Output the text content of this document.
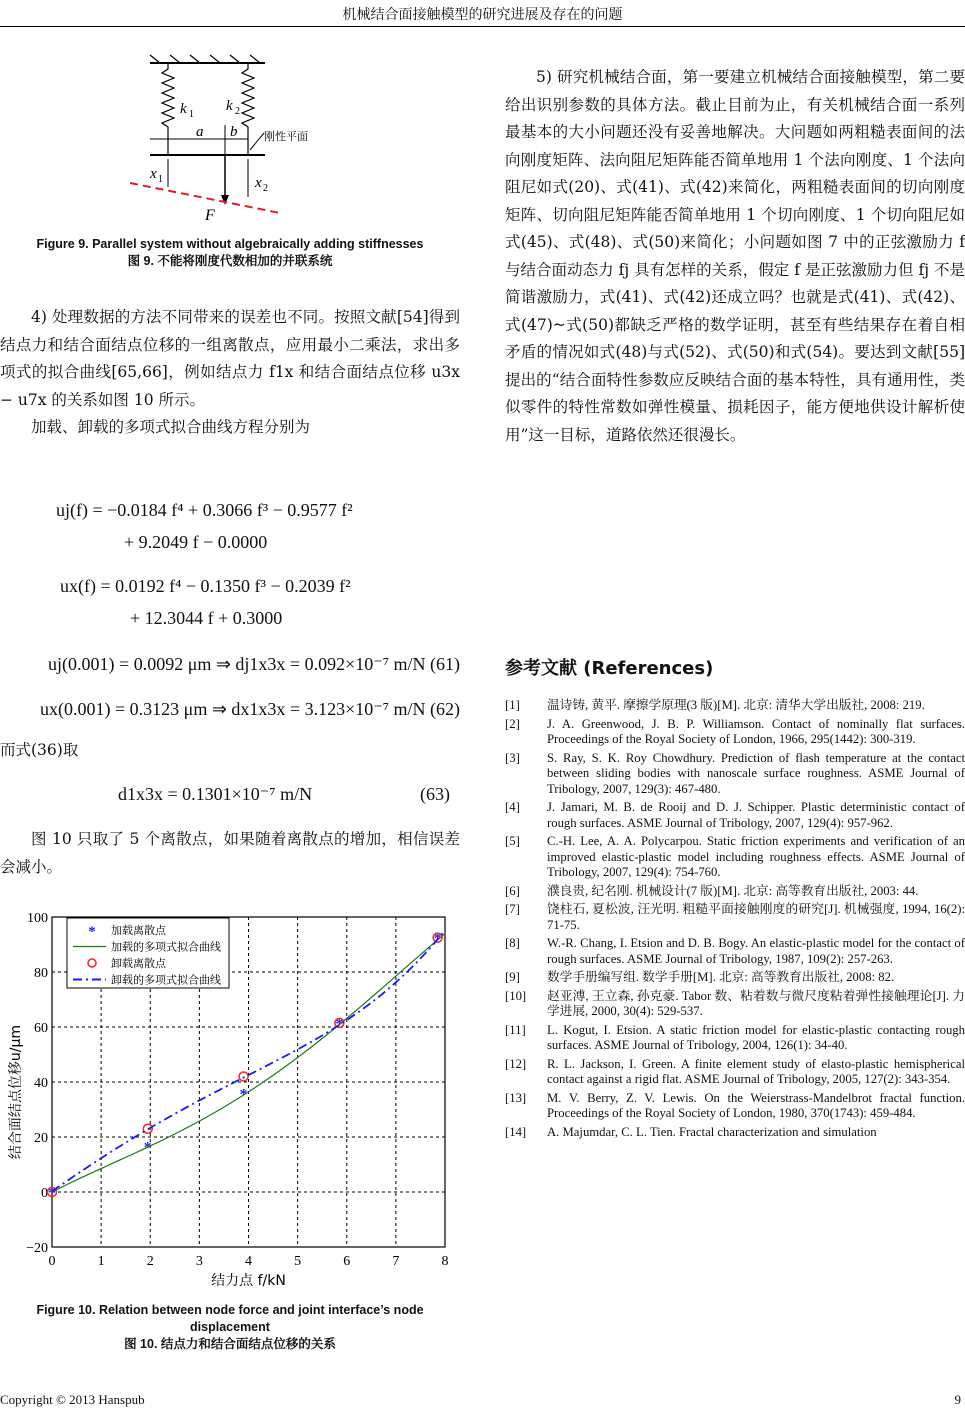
机械结合面接触模型的研究进展及存在的问题
k 1
k 2
a b 刚性平面
x 1	x 2
F
Figure 9. Parallel system without algebraically adding stiffnesses
图 9. 不能将刚度代数相加的并联系统

4) 处理数据的方法不同带来的误差也不同。按照文献[54]得到结点力和结合面结点位移的一组离散点，应用最小二乘法，求出多项式的拟合曲线[65,66]，例如结点力 f1x 和结合面结点位移 u3x − u7x 的关系如图 10 所示。

加载、卸载的多项式拟合曲线方程分别为

uj(f) = −0.0184 f⁴ + 0.3066 f³ − 0.9577 f²
+ 9.2049 f − 0.0000
ux(f) = 0.0192 f⁴ − 0.1350 f³ − 0.2039 f²
+ 12.3044 f + 0.3000
uj(0.001) = 0.0092 μm ⇒ dj1x3x = 0.092×10⁻⁷ m/N (61)
ux(0.001) = 0.3123 μm ⇒ dx1x3x = 3.123×10⁻⁷ m/N (62)
而式(36)取
d1x3x = 0.1301×10⁻⁷ m/N	(63)

图 10 只取了 5 个离散点，如果随着离散点的增加，相信误差会减小。

0	1	2	3	4	5	6	7	8
−20
0
20
40
60
80
100
*
*
*
*
*
* 加载离散点
加载的多项式拟合曲线
卸载离散点
卸载的多项式拟合曲线
结力点 f/kN
结合面结点位移u/μm
Figure 10. Relation between node force and joint interface’s node displacement
图 10. 结点力和结合面结点位移的关系

5) 研究机械结合面，第一要建立机械结合面接触模型，第二要给出识别参数的具体方法。截止目前为止，有关机械结合面一系列最基本的大小问题还没有妥善地解决。大问题如两粗糙表面间的法向刚度矩阵、法向阻尼矩阵能否简单地用 1 个法向刚度、1 个法向阻尼如式(20)、式(41)、式(42)来简化，两粗糙表面间的切向刚度矩阵、切向阻尼矩阵能否简单地用 1 个切向刚度、1 个切向阻尼如式(45)、式(48)、式(50)来简化；小问题如图 7 中的正弦激励力 f 与结合面动态力 fj 具有怎样的关系，假定 f 是正弦激励力但 fj 不是简谐激励力，式(41)、式(42)还成立吗？也就是式(41)、式(42)、式(47)~式(50)都缺乏严格的数学证明，甚至有些结果存在着自相矛盾的情况如式(48)与式(52)、式(50)和式(54)。要达到文献[55]提出的“结合面特性参数应反映结合面的基本特性，具有通用性，类似零件的特性常数如弹性模量、损耗因子，能方便地供设计解析使用”这一目标，道路依然还很漫长。

参考文献 (References)
[1]	温诗铸, 黄平. 摩擦学原理(3 版)[M]. 北京: 清华大学出版社, 2008: 219.
[2]	J. A. Greenwood, J. B. P. Williamson. Contact of nominally flat surfaces. Proceedings of the Royal Society of London, 1966, 295(1442): 300-319.
[3]	S. Ray, S. K. Roy Chowdhury. Prediction of flash temperature at the contact between sliding bodies with nanoscale surface roughness. ASME Journal of Tribology, 2007, 129(3): 467-480.
[4]	J. Jamari, M. B. de Rooij and D. J. Schipper. Plastic deterministic contact of rough surfaces. ASME Journal of Tribology, 2007, 129(4): 957-962.
[5]	C.-H. Lee, A. A. Polycarpou. Static friction experiments and verification of an improved elastic-plastic model including roughness effects. ASME Journal of Tribology, 2007, 129(4): 754-760.
[6]	濮良贵, 纪名刚. 机械设计(7 版)[M]. 北京: 高等教育出版社, 2003: 44.
[7]	饶柱石, 夏松波, 汪光明. 粗糙平面接触刚度的研究[J]. 机械强度, 1994, 16(2): 71-75.
[8]	W.-R. Chang, I. Etsion and D. B. Bogy. An elastic-plastic model for the contact of rough surfaces. ASME Journal of Tribology, 1987, 109(2): 257-263.
[9]	数学手册编写组. 数学手册[M]. 北京: 高等教育出版社, 2008: 82.
[10]	赵亚溥, 王立森, 孙克豪. Tabor 数、粘着数与微尺度粘着弹性接触理论[J]. 力学进展, 2000, 30(4): 529-537.
[11]	L. Kogut, I. Etsion. A static friction model for elastic-plastic contacting rough surfaces. ASME Journal of Tribology, 2004, 126(1): 34-40.
[12]	R. L. Jackson, I. Green. A finite element study of elasto-plastic hemispherical contact against a rigid flat. ASME Journal of Tribology, 2005, 127(2): 343-354.
[13]	M. V. Berry, Z. V. Lewis. On the Weierstrass-Mandelbrot fractal function. Proceedings of the Royal Society of London, 1980, 370(1743): 459-484.
[14]	A. Majumdar, C. L. Tien. Fractal characterization and simulation
Copyright © 2013 Hanspub	9
